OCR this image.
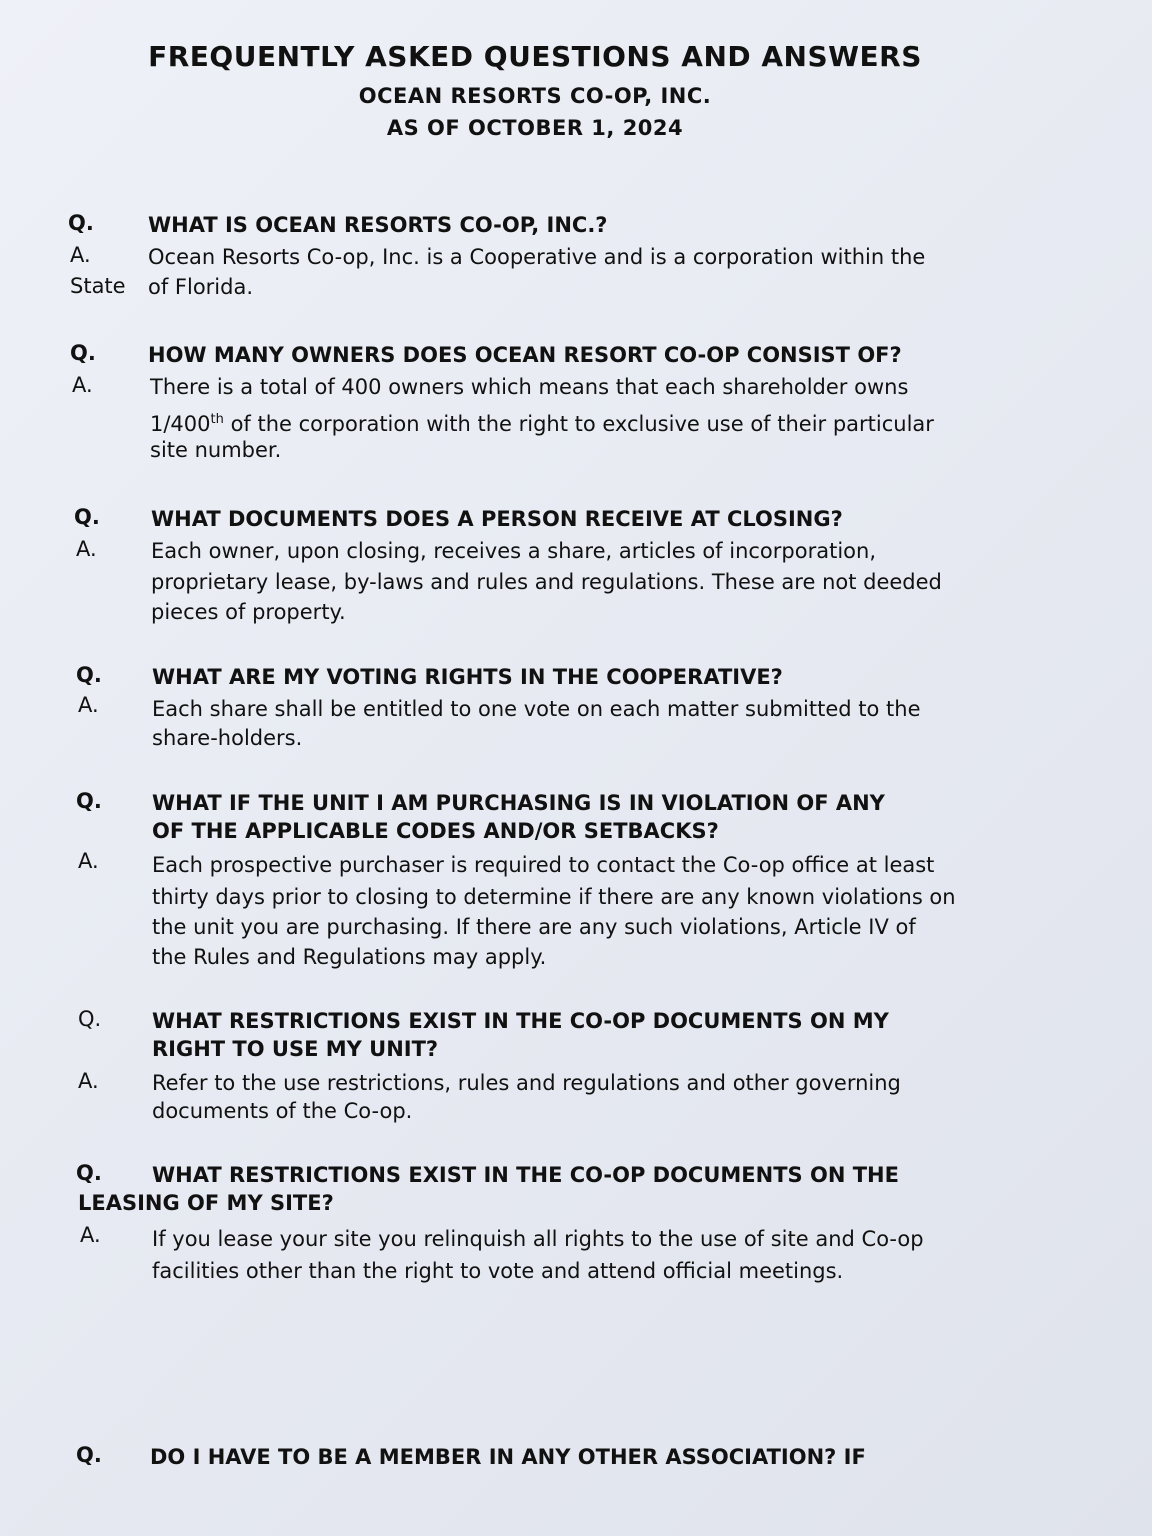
FREQUENTLY ASKED QUESTIONS AND ANSWERS
OCEAN RESORTS CO-OP, INC.
AS OF OCTOBER 1, 2024
Q.	WHAT IS OCEAN RESORTS CO-OP, INC.?
A.	Ocean Resorts Co-op, Inc. is a Cooperative and is a corporation within the
State of Florida.
Q. HOW MANY OWNERS DOES OCEAN RESORT CO-OP CONSIST OF?
A.	There is a total of 400 owners which means that each shareholder owns
1/400th of the corporation with the right to exclusive use of their particular
site number.
Q. WHAT DOCUMENTS DOES A PERSON RECEIVE AT CLOSING?
A.	Each owner, upon closing, receives a share, articles of incorporation,
proprietary lease, by-laws and rules and regulations. These are not deeded
pieces of property.
Q. WHAT ARE MY VOTING RIGHTS IN THE COOPERATIVE?
A.	Each share shall be entitled to one vote on each matter submitted to the
share-holders.
Q. WHAT IF THE UNIT I AM PURCHASING IS IN VIOLATION OF ANY
OF THE APPLICABLE CODES AND/OR SETBACKS?
A.	Each prospective purchaser is required to contact the Co-op office at least
thirty days prior to closing to determine if there are any known violations on
the unit you are purchasing. If there are any such violations, Article IV of
the Rules and Regulations may apply.
Q. WHAT RESTRICTIONS EXIST IN THE CO-OP DOCUMENTS ON MY
RIGHT TO USE MY UNIT?
A.	Refer to the use restrictions, rules and regulations and other governing
documents of the Co-op.
Q. WHAT RESTRICTIONS EXIST IN THE CO-OP DOCUMENTS ON THE
LEASING OF MY SITE?
A. If you lease your site you relinquish all rights to the use of site and Co-op
facilities other than the right to vote and attend official meetings.
Q. DO I HAVE TO BE A MEMBER IN ANY OTHER ASSOCIATION? IF
